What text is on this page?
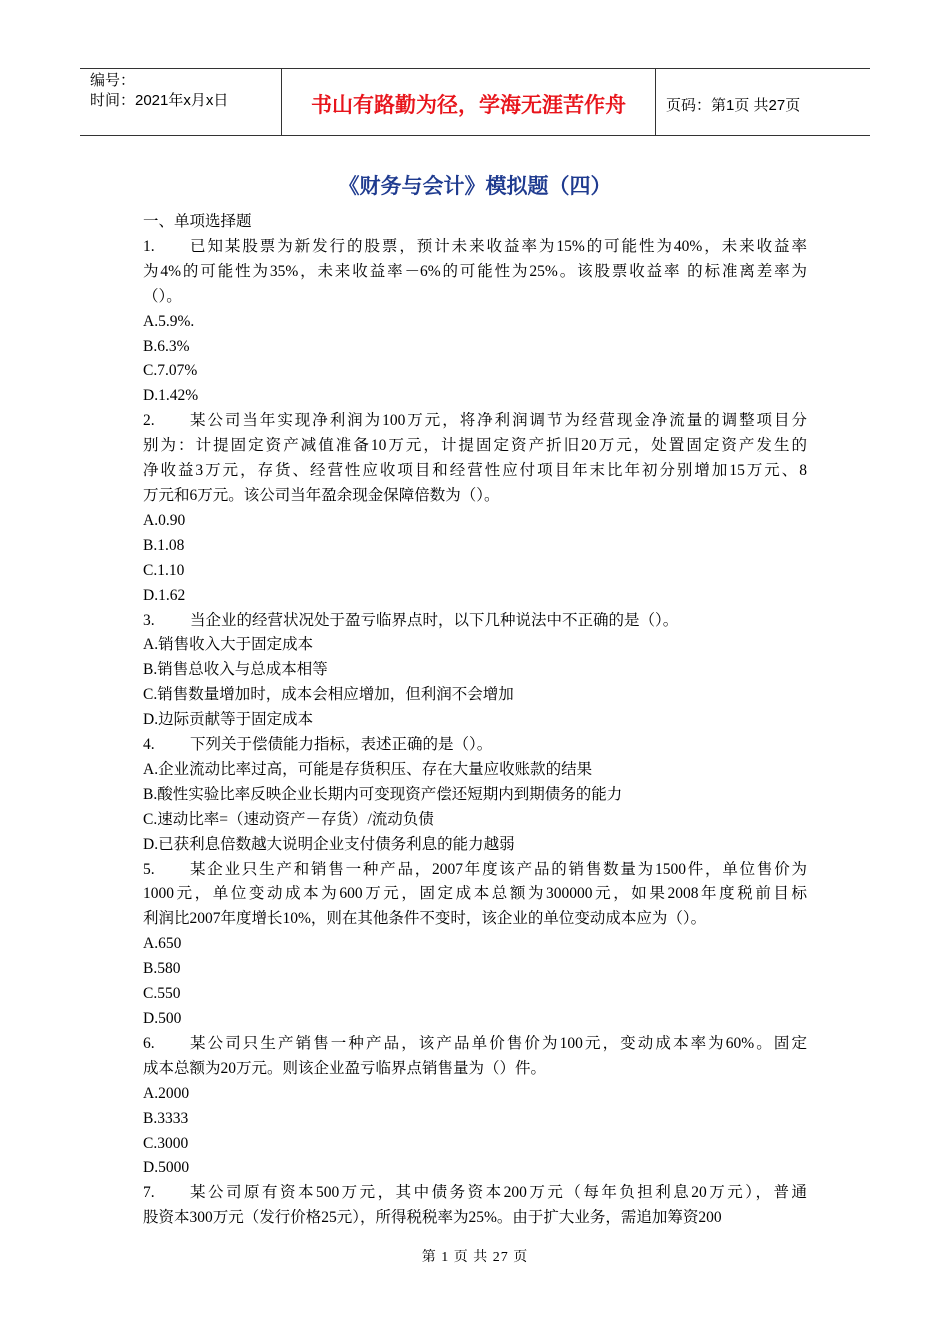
编号：
时间：2021年x月x日	书山有路勤为径，学海无涯苦作舟	页码：第1页 共27页
《财务与会计》模拟题（四）
一、单项选择题
1.	已知某股票为新发行的股票，预计未来收益率为15%的可能性为40%，未来收益率
为4%的可能性为35%，未来收益率－6%的可能性为25%。该股票收益率 的标准离差率为
（）。
A.5.9%.
B.6.3%
C.7.07%
D.1.42%
2.	某公司当年实现净利润为100万元，将净利润调节为经营现金净流量的调整项目分
别为：计提固定资产减值准备10万元，计提固定资产折旧20万元，处置固定资产发生的
净收益3万元，存货、经营性应收项目和经营性应付项目年末比年初分别增加15万元、8
万元和6万元。该公司当年盈余现金保障倍数为（）。
A.0.90
B.1.08
C.1.10
D.1.62
3. 当企业的经营状况处于盈亏临界点时，以下几种说法中不正确的是（）。
A.销售收入大于固定成本
B.销售总收入与总成本相等
C.销售数量增加时，成本会相应增加，但利润不会增加
D.边际贡献等于固定成本
4. 下列关于偿债能力指标，表述正确的是（）。
A.企业流动比率过高，可能是存货积压、存在大量应收账款的结果
B.酸性实验比率反映企业长期内可变现资产偿还短期内到期债务的能力
C.速动比率=（速动资产－存货）/流动负债
D.已获利息倍数越大说明企业支付债务利息的能力越弱
5.	某企业只生产和销售一种产品，2007年度该产品的销售数量为1500件，单位售价为
1000元，单位变动成本为600万元，固定成本总额为300000元，如果2008年度税前目标
利润比2007年度增长10%，则在其他条件不变时，该企业的单位变动成本应为（）。
A.650
B.580
C.550
D.500
6.	某公司只生产销售一种产品，该产品单价售价为100元，变动成本率为60%。固定
成本总额为20万元。则该企业盈亏临界点销售量为（）件。
A.2000
B.3333
C.3000
D.5000
7.	某公司原有资本500万元，其中债务资本200万元（每年负担利息20万元），普通
股资本300万元（发行价格25元），所得税税率为25%。由于扩大业务，需追加筹资200
第 1 页 共 27 页
